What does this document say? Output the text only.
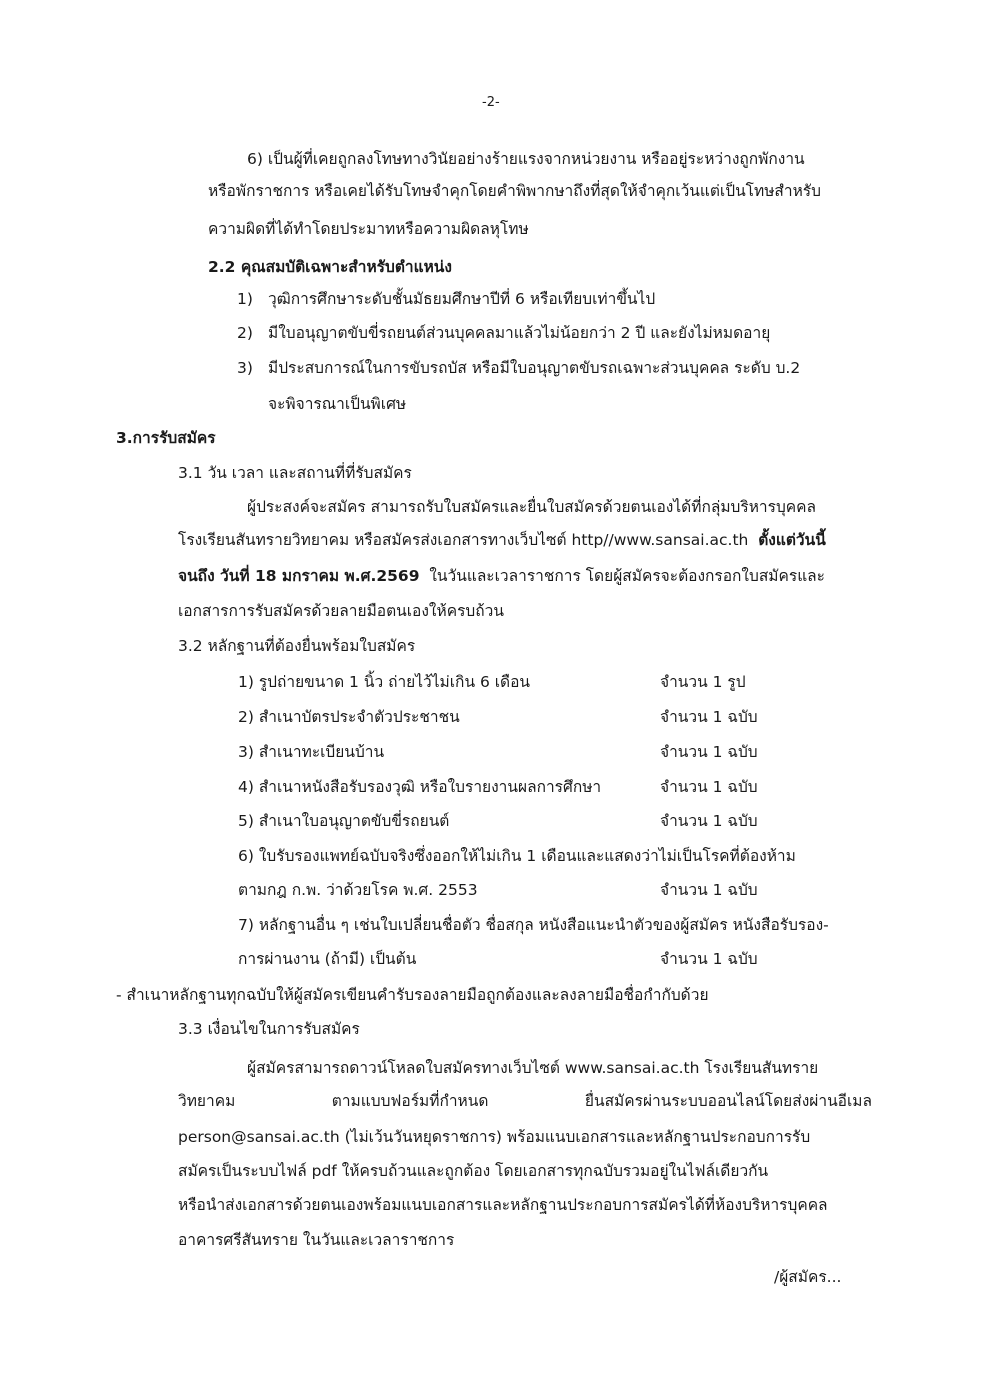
-2-
6) เป็นผู้ที่เคยถูกลงโทษทางวินัยอย่างร้ายแรงจากหน่วยงาน หรืออยู่ระหว่างถูกพักงาน
หรือพักราชการ หรือเคยได้รับโทษจำคุกโดยคำพิพากษาถึงที่สุดให้จำคุกเว้นแต่เป็นโทษสำหรับ
ความผิดที่ได้ทำโดยประมาทหรือความผิดลหุโทษ
2.2 คุณสมบัติเฉพาะสำหรับตำแหน่ง
1) วุฒิการศึกษาระดับชั้นมัธยมศึกษาปีที่ 6 หรือเทียบเท่าขึ้นไป
2) มีใบอนุญาตขับขี่รถยนต์ส่วนบุคคลมาแล้วไม่น้อยกว่า 2 ปี และยังไม่หมดอายุ
3) มีประสบการณ์ในการขับรถบัส หรือมีใบอนุญาตขับรถเฉพาะส่วนบุคคล ระดับ บ.2
จะพิจารณาเป็นพิเศษ
3.การรับสมัคร
3.1 วัน เวลา และสถานที่ที่รับสมัคร
ผู้ประสงค์จะสมัคร สามารถรับใบสมัครและยื่นใบสมัครด้วยตนเองได้ที่กลุ่มบริหารบุคคล
โรงเรียนสันทรายวิทยาคม หรือสมัครส่งเอกสารทางเว็บไซต์ http//www.sansai.ac.th ตั้งแต่วันนี้
จนถึง วันที่ 18 มกราคม พ.ศ.2569 ในวันและเวลาราชการ โดยผู้สมัครจะต้องกรอกใบสมัครและ
เอกสารการรับสมัครด้วยลายมือตนเองให้ครบถ้วน
3.2 หลักฐานที่ต้องยื่นพร้อมใบสมัคร
1) รูปถ่ายขนาด 1 นิ้ว ถ่ายไว้ไม่เกิน 6 เดือน	จำนวน 1 รูป
2) สำเนาบัตรประจำตัวประชาชน	จำนวน 1 ฉบับ
3) สำเนาทะเบียนบ้าน	จำนวน 1 ฉบับ
4) สำเนาหนังสือรับรองวุฒิ หรือใบรายงานผลการศึกษา	จำนวน 1 ฉบับ
5) สำเนาใบอนุญาตขับขี่รถยนต์	จำนวน 1 ฉบับ
6) ใบรับรองแพทย์ฉบับจริงซึ่งออกให้ไม่เกิน 1 เดือนและแสดงว่าไม่เป็นโรคที่ต้องห้าม
ตามกฎ ก.พ. ว่าด้วยโรค พ.ศ. 2553	จำนวน 1 ฉบับ
7) หลักฐานอื่น ๆ เช่นใบเปลี่ยนชื่อตัว ชื่อสกุล หนังสือแนะนำตัวของผู้สมัคร หนังสือรับรอง-
การผ่านงาน (ถ้ามี) เป็นต้น	จำนวน 1 ฉบับ
- สำเนาหลักฐานทุกฉบับให้ผู้สมัครเขียนคำรับรองลายมือถูกต้องและลงลายมือชื่อกำกับด้วย
3.3 เงื่อนไขในการรับสมัคร
ผู้สมัครสามารถดาวน์โหลดใบสมัครทางเว็บไซต์ www.sansai.ac.th โรงเรียนสันทราย
วิทยาคม ตามแบบฟอร์มที่กำหนด ยื่นสมัครผ่านระบบออนไลน์โดยส่งผ่านอีเมล
person@sansai.ac.th (ไม่เว้นวันหยุดราชการ) พร้อมแนบเอกสารและหลักฐานประกอบการรับ
สมัครเป็นระบบไฟล์ pdf ให้ครบถ้วนและถูกต้อง โดยเอกสารทุกฉบับรวมอยู่ในไฟล์เดียวกัน
หรือนำส่งเอกสารด้วยตนเองพร้อมแนบเอกสารและหลักฐานประกอบการสมัครได้ที่ห้องบริหารบุคคล
อาคารศรีสันทราย ในวันและเวลาราชการ
/ผู้สมัคร...
